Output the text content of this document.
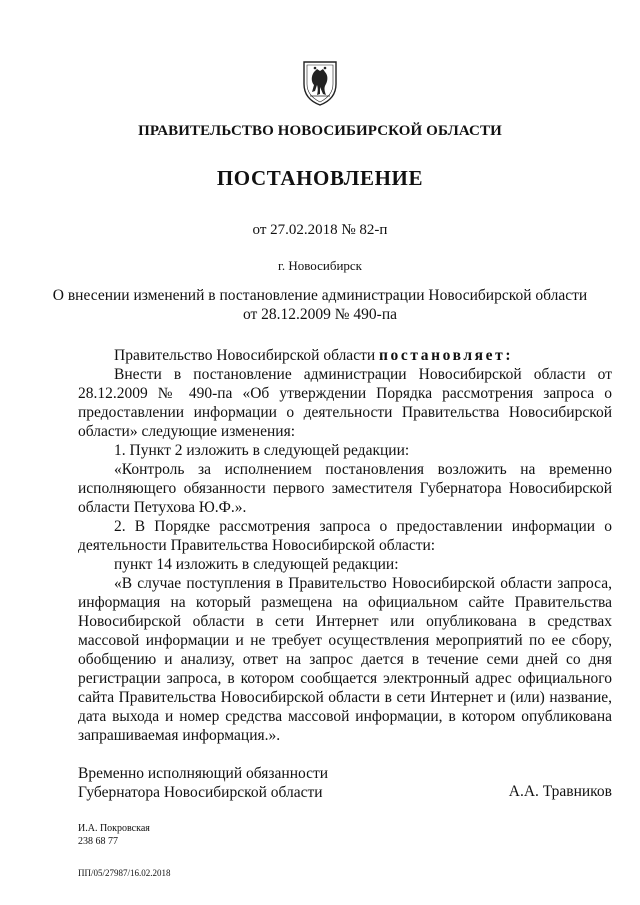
ПРАВИТЕЛЬСТВО НОВОСИБИРСКОЙ ОБЛАСТИ
ПОСТАНОВЛЕНИЕ
от 27.02.2018 № 82-п
г. Новосибирск
О внесении изменений в постановление администрации Новосибирской области
от 28.12.2009 № 490-па

Правительство Новосибирской области постановляет:

Внести в постановление администрации Новосибирской области от 28.12.2009 № 490-па «Об утверждении Порядка рассмотрения запроса о предоставлении информации о деятельности Правительства Новосибирской области» следующие изменения:

1. Пункт 2 изложить в следующей редакции:

«Контроль за исполнением постановления возложить на временно исполняющего обязанности первого заместителя Губернатора Новосибирской области Петухова Ю.Ф.».

2. В Порядке рассмотрения запроса о предоставлении информации о деятельности Правительства Новосибирской области:

пункт 14 изложить в следующей редакции:

«В случае поступления в Правительство Новосибирской области запроса, информация на который размещена на официальном сайте Правительства Новосибирской области в сети Интернет или опубликована в средствах массовой информации и не требует осуществления мероприятий по ее сбору, обобщению и анализу, ответ на запрос дается в течение семи дней со дня регистрации запроса, в котором сообщается электронный адрес официального сайта Правительства Новосибирской области в сети Интернет и (или) название, дата выхода и номер средства массовой информации, в котором опубликована запрашиваемая информация.».

Временно исполняющий обязанности
Губернатора Новосибирской области	А.А. Травников
И.А. Покровская
238 68 77
ПП/05/27987/16.02.2018
